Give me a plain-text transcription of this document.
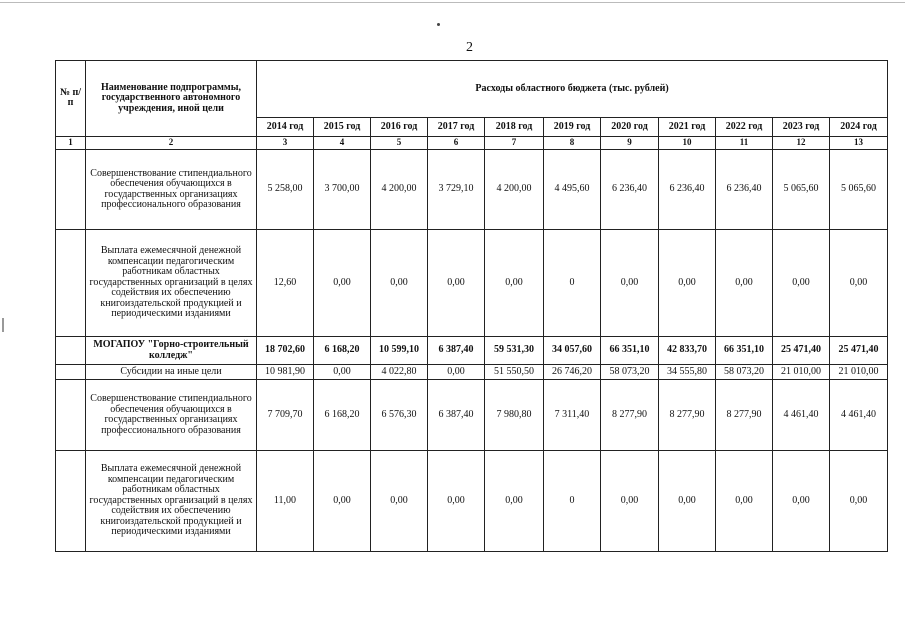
2
№ п/п	Наименование подпрограммы, государственного автономного учреждения, иной цели	Расходы областного бюджета (тыс. рублей)										
		2014 год	2015 год	2016 год	2017 год	2018 год	2019 год	2020 год	2021 год	2022 год	2023 год	2024 год
1	2	3	4	5	6	7	8	9	10	11	12	13
	Совершенствование стипендиального обеспечения обучающихся в государственных организациях профессионального образования	5 258,00	3 700,00	4 200,00	3 729,10	4 200,00	4 495,60	6 236,40	6 236,40	6 236,40	5 065,60	5 065,60
	Выплата ежемесячной денежной компенсации педагогическим работникам областных государственных организаций в целях содействия их обеспечению книгоиздательской продукцией и периодическими изданиями	12,60	0,00	0,00	0,00	0,00	0	0,00	0,00	0,00	0,00	0,00
	МОГАПОУ "Горно-строительный колледж"	18 702,60	6 168,20	10 599,10	6 387,40	59 531,30	34 057,60	66 351,10	42 833,70	66 351,10	25 471,40	25 471,40
	Субсидии на иные цели	10 981,90	0,00	4 022,80	0,00	51 550,50	26 746,20	58 073,20	34 555,80	58 073,20	21 010,00	21 010,00
	Совершенствование стипендиального обеспечения обучающихся в государственных организациях профессионального образования	7 709,70	6 168,20	6 576,30	6 387,40	7 980,80	7 311,40	8 277,90	8 277,90	8 277,90	4 461,40	4 461,40
	Выплата ежемесячной денежной компенсации педагогическим работникам областных государственных организаций в целях содействия их обеспечению книгоиздательской продукцией и периодическими изданиями	11,00	0,00	0,00	0,00	0,00	0	0,00	0,00	0,00	0,00	0,00
